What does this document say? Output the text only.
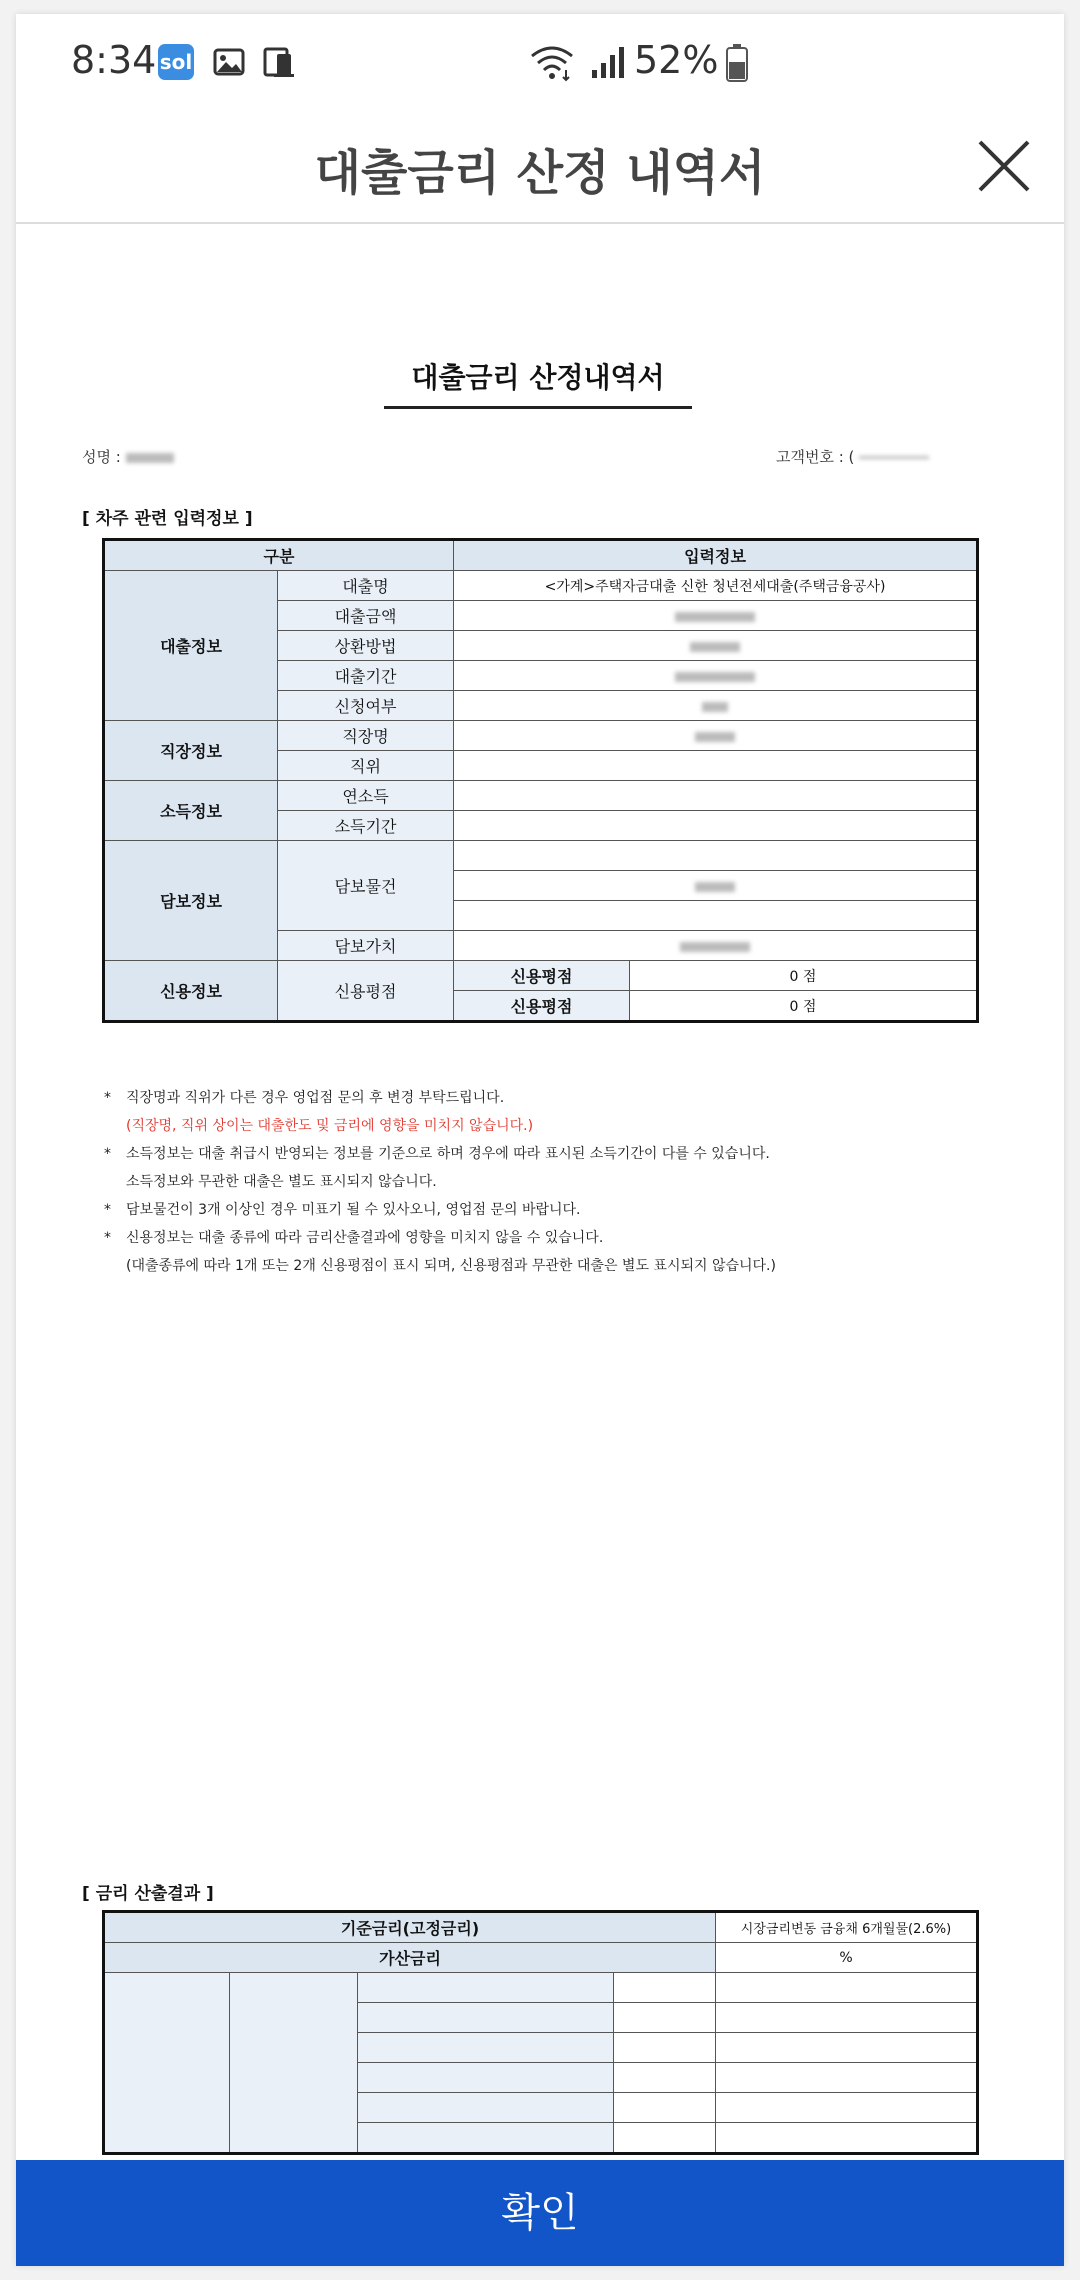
8:34 sol	52%
대출금리 산정 내역서
대출금리 산정내역서
성명 :	고객번호 : (
[ 차주 관련 입력정보 ]
구분		입력정보	
대출정보	대출명	<가계>주택자금대출 신한 청년전세대출(주택금융공사)	
	대출금액		
	상환방법		
	대출기간		
	신청여부		
직장정보	직장명		
	직위		
소득정보	연소득		
	소득기간		
담보정보	담보물건		

	담보가치		
신용정보	신용평점	신용평점	0 점
		신용평점	0 점
* 직장명과 직위가 다른 경우 영업점 문의 후 변경 부탁드립니다.
(직장명, 직위 상이는 대출한도 및 금리에 영향을 미치지 않습니다.)
* 소득정보는 대출 취급시 반영되는 정보를 기준으로 하며 경우에 따라 표시된 소득기간이 다를 수 있습니다.
소득정보와 무관한 대출은 별도 표시되지 않습니다.
* 담보물건이 3개 이상인 경우 미표기 될 수 있사오니, 영업점 문의 바랍니다.
* 신용정보는 대출 종류에 따라 금리산출결과에 영향을 미치지 않을 수 있습니다.
(대출종류에 따라 1개 또는 2개 신용평점이 표시 되며, 신용평점과 무관한 대출은 별도 표시되지 않습니다.)
[ 금리 산출결과 ]
기준금리(고정금리)				시장금리변동 금융채 6개월물(2.6%)
가산금리				%

확인
